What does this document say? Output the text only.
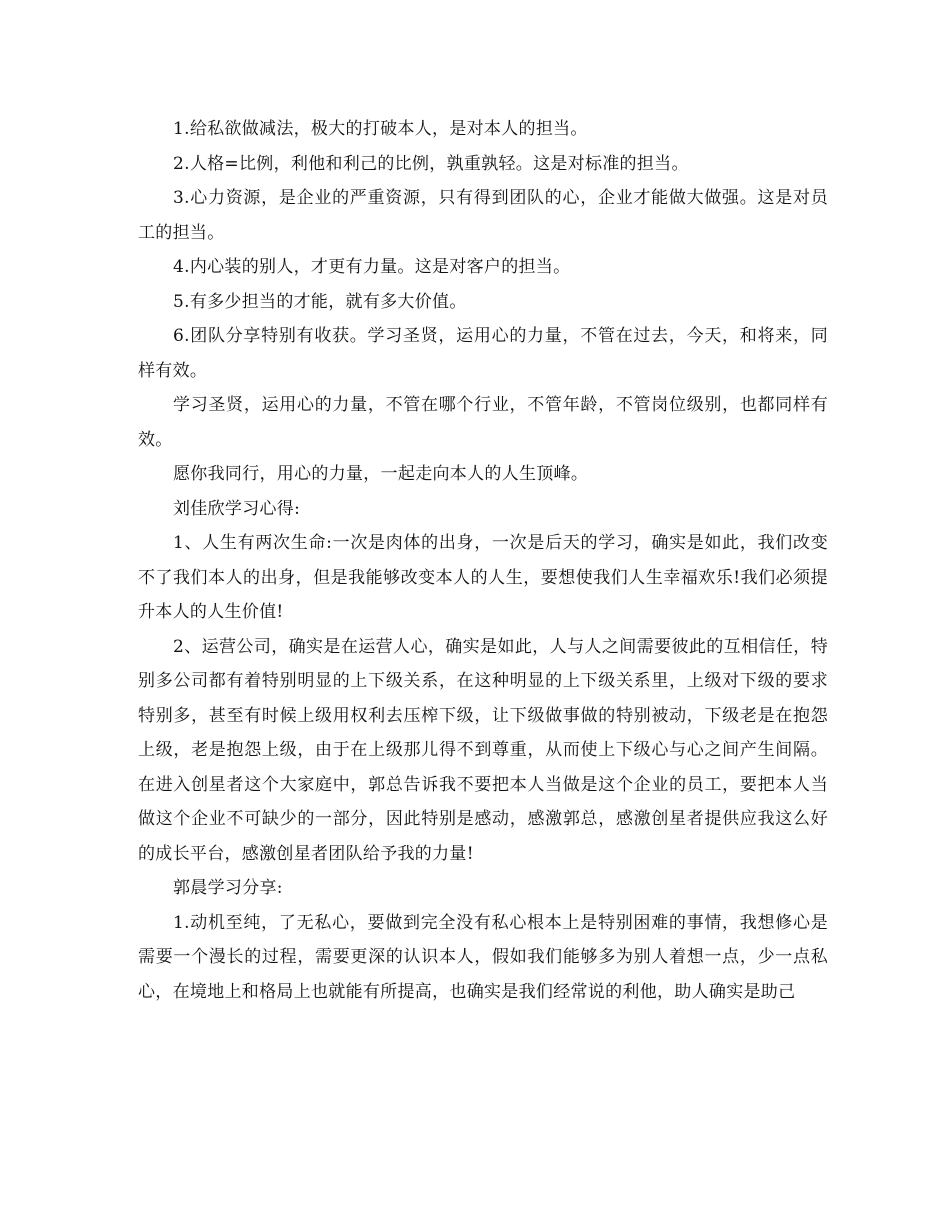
1.给私欲做减法，极大的打破本人，是对本人的担当。

2.人格=比例，利他和利己的比例，孰重孰轻。这是对标准的担当。

3.心力资源，是企业的严重资源，只有得到团队的心，企业才能做大做强。这是对员工的担当。

4.内心装的别人，才更有力量。这是对客户的担当。

5.有多少担当的才能，就有多大价值。

6.团队分享特别有收获。学习圣贤，运用心的力量，不管在过去，今天，和将来，同样有效。

学习圣贤，运用心的力量，不管在哪个行业，不管年龄，不管岗位级别，也都同样有效。

愿你我同行，用心的力量，一起走向本人的人生顶峰。

刘佳欣学习心得:

1、人生有两次生命:一次是肉体的出身，一次是后天的学习，确实是如此，我们改变不了我们本人的出身，但是我能够改变本人的人生，要想使我们人生幸福欢乐!我们必须提升本人的人生价值!

2、运营公司，确实是在运营人心，确实是如此，人与人之间需要彼此的互相信任，特别多公司都有着特别明显的上下级关系，在这种明显的上下级关系里，上级对下级的要求特别多，甚至有时候上级用权利去压榨下级，让下级做事做的特别被动，下级老是在抱怨上级，老是抱怨上级，由于在上级那儿得不到尊重，从而使上下级心与心之间产生间隔。在进入创星者这个大家庭中，郭总告诉我不要把本人当做是这个企业的员工，要把本人当做这个企业不可缺少的一部分，因此特别是感动，感激郭总，感激创星者提供应我这么好的成长平台，感激创星者团队给予我的力量!

郭晨学习分享:

1.动机至纯，了无私心，要做到完全没有私心根本上是特别困难的事情，我想修心是需要一个漫长的过程，需要更深的认识本人，假如我们能够多为别人着想一点，少一点私心，在境地上和格局上也就能有所提高，也确实是我们经常说的利他，助人确实是助己
